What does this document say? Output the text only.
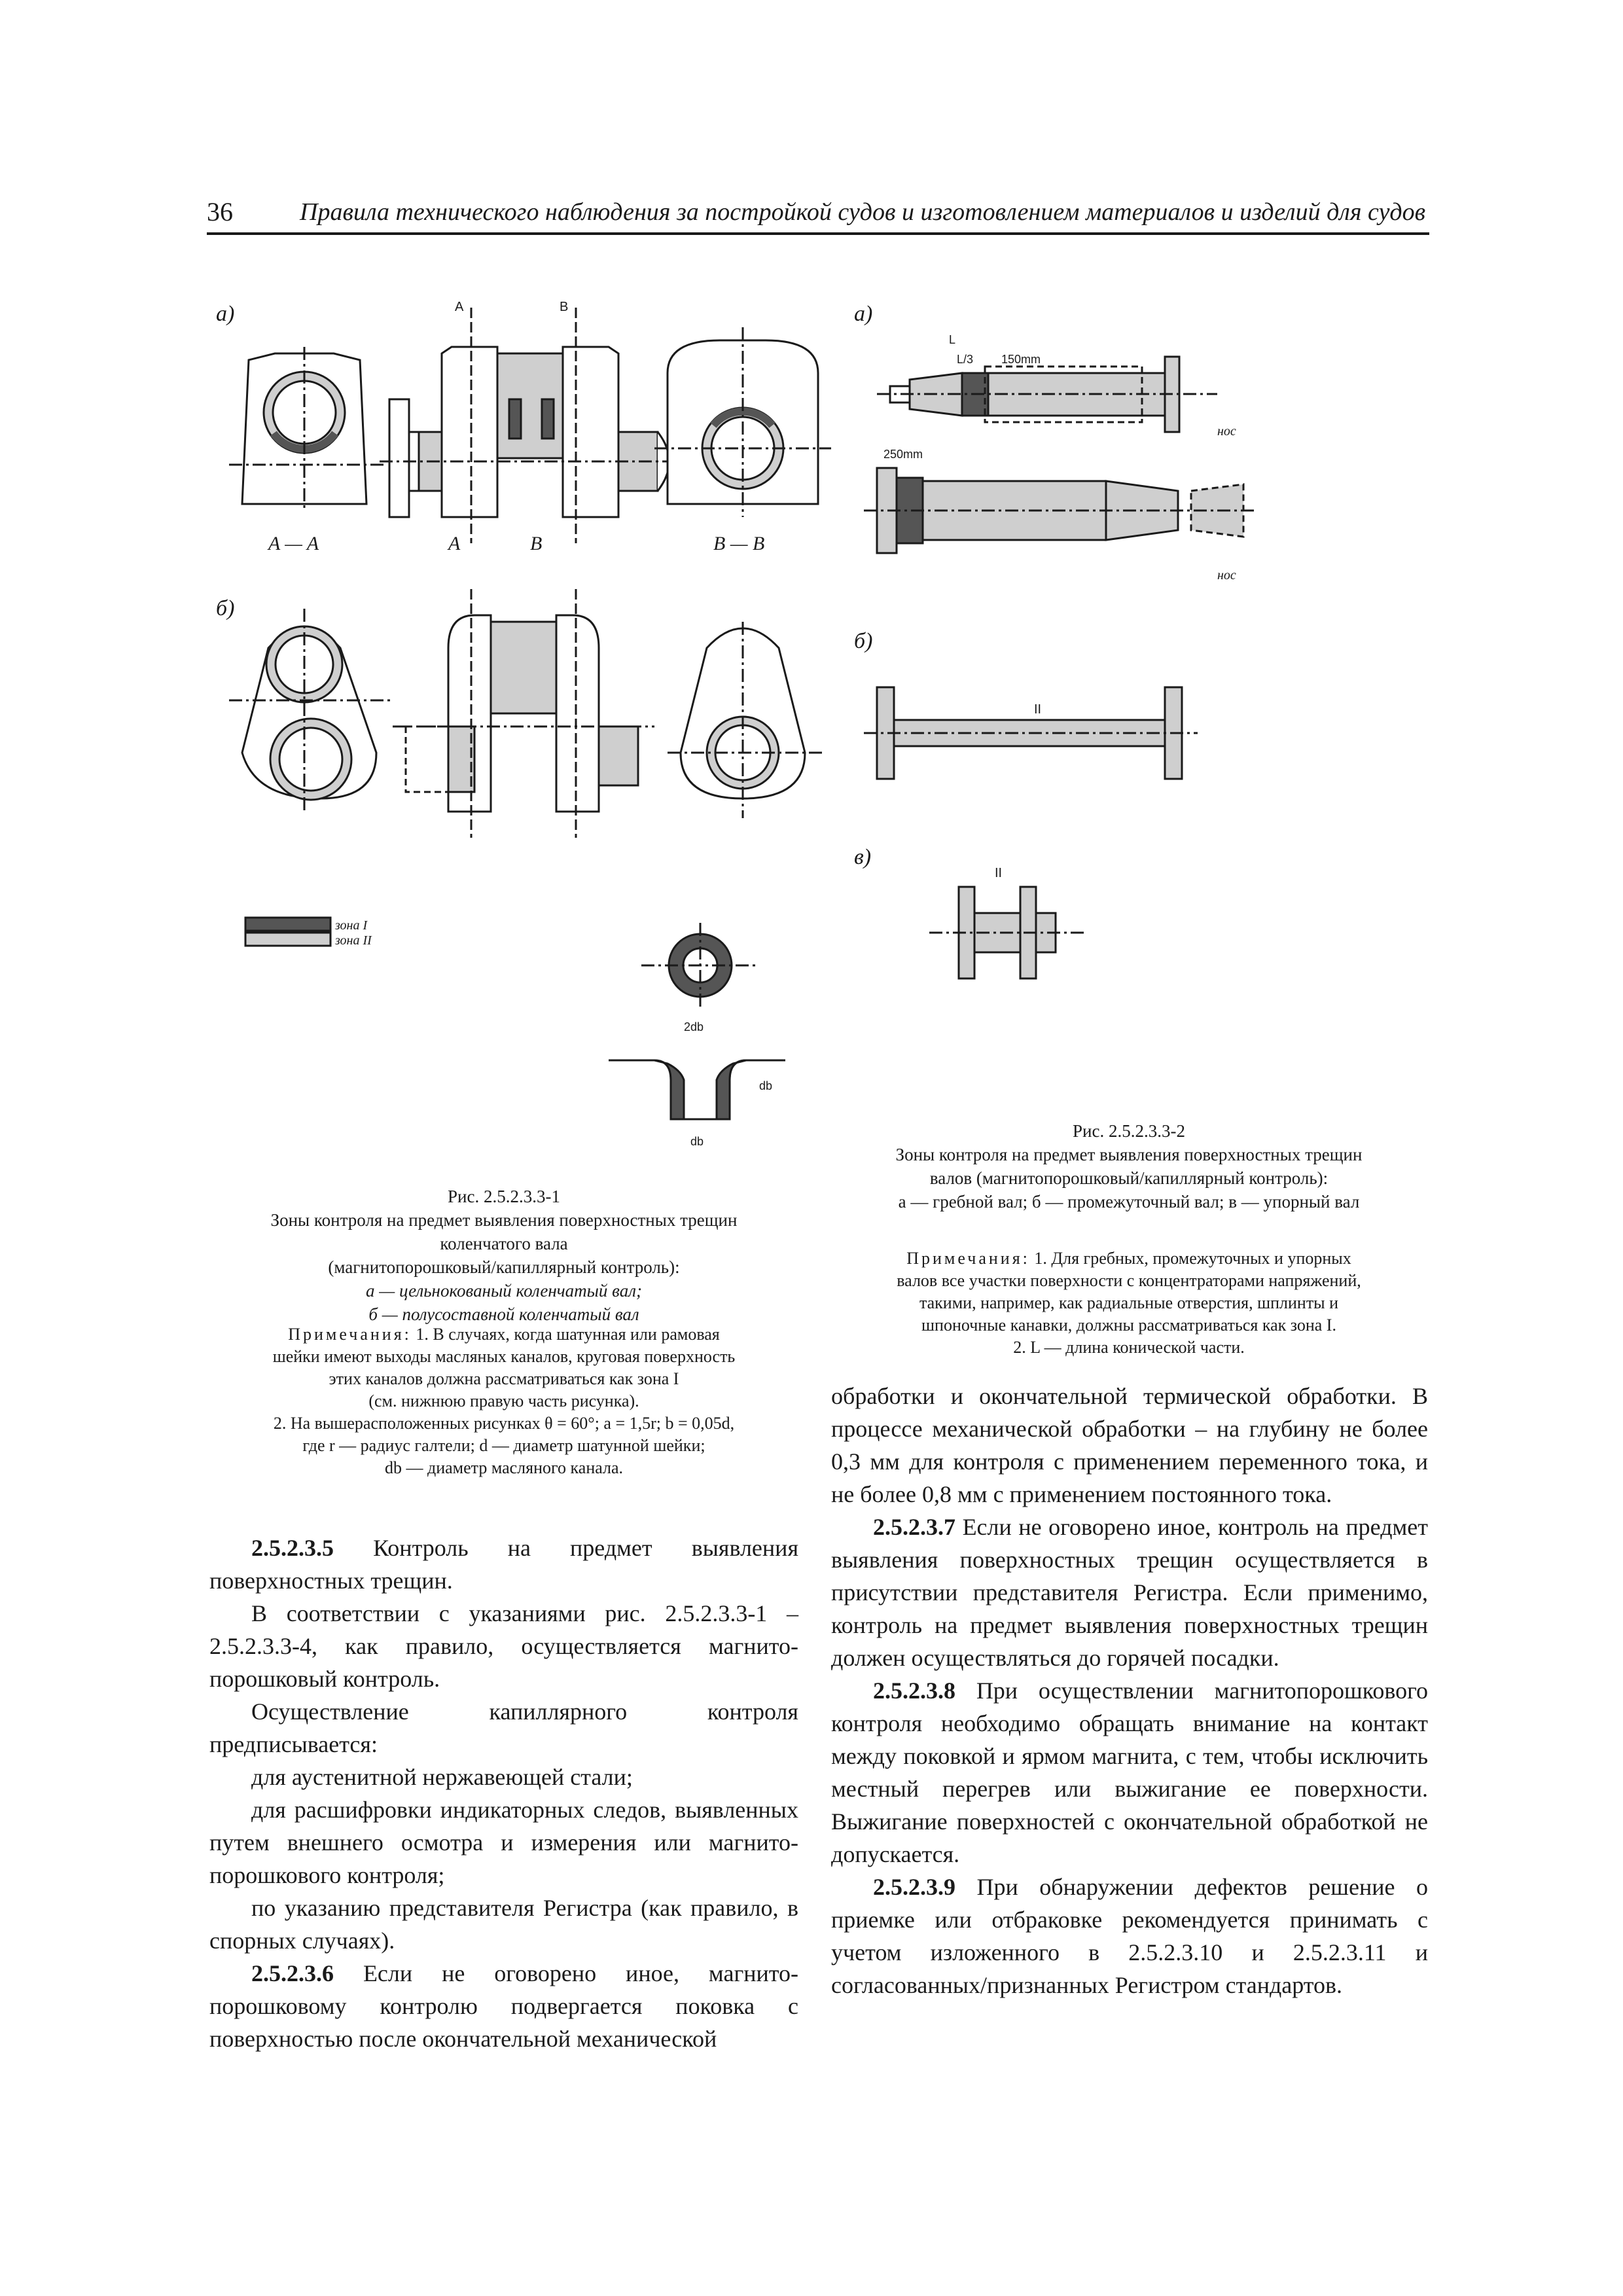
36	Правила технического наблюдения за постройкой судов и изготовлением материалов и изделий для судов
а)
A — A
A	B
A	B	B — B
б)
зона I
зона II
2db
db
db
а)
L
L/3 150mm
нос
250mm
нос
б)
II
в)
II
Рис. 2.5.2.3.3-1
Зоны контроля на предмет выявления поверхностных трещин
коленчатого вала
(магнитопорошковый/капиллярный контроль):
а — цельнокованый коленчатый вал;
б — полусоставной коленчатый вал
Примечания: 1. В случаях, когда шатунная или рамовая
шейки имеют выходы масляных каналов, круговая поверхность
этих каналов должна рассматриваться как зона I
(см. нижнюю правую часть рисунка).
2. На вышерасположенных рисунках θ = 60°; a = 1,5r; b = 0,05d,
где r — радиус галтели; d — диаметр шатунной шейки;
db — диаметр масляного канала.
Рис. 2.5.2.3.3-2
Зоны контроля на предмет выявления поверхностных трещин
валов (магнитопорошковый/капиллярный контроль):
а — гребной вал; б — промежуточный вал; в — упорный вал
Примечания: 1. Для гребных, промежуточных и упорных
валов все участки поверхности с концентраторами напряжений,
такими, например, как радиальные отверстия, шплинты и
шпоночные канавки, должны рассматриваться как зона I.
2. L — длина конической части.

2.5.2.3.5 Контроль на предмет выявления поверхностных трещин.

В соответствии с указаниями рис. 2.5.2.3.3-1 – 2.5.2.3.3-4, как правило, осуществляется магнито-порошковый контроль.

Осуществление капиллярного контроля предписывается:

для аустенитной нержавеющей стали;

для расшифровки индикаторных следов, выявленных путем внешнего осмотра и измерения или магнито-порошкового контроля;

по указанию представителя Регистра (как правило, в спорных случаях).

2.5.2.3.6 Если не оговорено иное, магнито-порошковому контролю подвергается поковка с поверхностью после окончательной механической

обработки и окончательной термической обработки. В процессе механической обработки – на глубину не более 0,3 мм для контроля с применением переменного тока, и не более 0,8 мм с применением постоянного тока.

2.5.2.3.7 Если не оговорено иное, контроль на предмет выявления поверхностных трещин осуществляется в присутствии представителя Регистра. Если применимо, контроль на предмет выявления поверхностных трещин должен осуществляться до горячей посадки.

2.5.2.3.8 При осуществлении магнитопорошкового контроля необходимо обращать внимание на контакт между поковкой и ярмом магнита, с тем, чтобы исключить местный перегрев или выжигание ее поверхности. Выжигание поверхностей с окончательной обработкой не допускается.

2.5.2.3.9 При обнаружении дефектов решение о приемке или отбраковке рекомендуется принимать с учетом изложенного в 2.5.2.3.10 и 2.5.2.3.11 и согласованных/признанных Регистром стандартов.
